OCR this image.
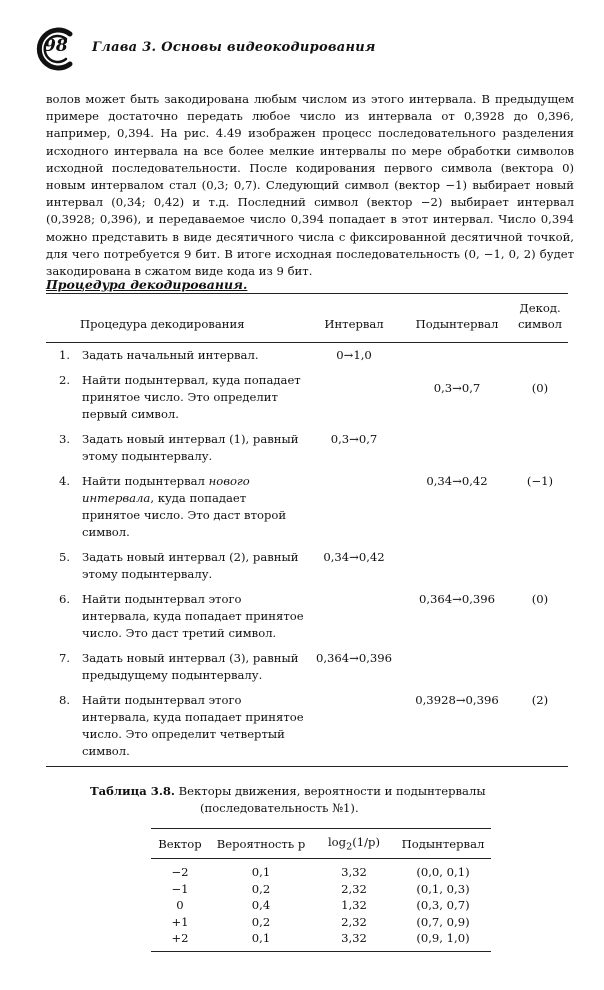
98 Глава 3. Основы видеокодирования
волов может быть закодирована любым числом из этого интервала. В предыдущем примере достаточно передать любое число из интервала от 0,3928 до 0,396, например, 0,394. На рис. 4.49 изображен процесс последовательного разделения исходного интервала на все более мелкие интервалы по мере обработки символов исходной последовательности. После кодирования первого символа (вектора 0) новым интервалом стал (0,3; 0,7). Следующий символ (вектор −1) выбирает новый интервал (0,34; 0,42) и т.д. Последний символ (вектор −2) выбирает интервал (0,3928; 0,396), и передаваемое число 0,394 попадает в этот интервал. Число 0,394 можно представить в виде десятичного числа с фиксированной десятичной точкой, для чего потребуется 9 бит. В итоге исходная последовательность (0, −1, 0, 2) будет закодирована в сжатом виде кода из 9 бит.
Процедура декодирования.
Процедура декодирования		Интервал	Подынтервал	Декод.
символ
1.	Задать начальный интервал.	0→1,0		
2.	Найти подынтервал, куда попадает принятое число. Это определит первый символ.		0,3→0,7	(0)
3.	Задать новый интервал (1), равный этому подынтервалу.	0,3→0,7		
4.	Найти подынтервал нового интервала, куда попадает принятое число. Это даст второй символ.		0,34→0,42	(−1)
5.	Задать новый интервал (2), равный этому подынтервалу.	0,34→0,42		
6.	Найти подынтервал этого интервала, куда попадает принятое число. Это даст третий символ.		0,364→0,396	(0)
7.	Задать новый интервал (3), равный предыдущему подынтервалу.	0,364→0,396		
8.	Найти подынтервал этого интервала, куда попадает принятое число. Это определит четвертый символ.		0,3928→0,396	(2)
Таблица 3.8. Векторы движения, вероятности и подынтервалы
(последовательность №1).
Вектор	Вероятность p	$\log_2(1/p)$	Подынтервал
−2	0,1	3,32	(0,0, 0,1)
−1	0,2	2,32	(0,1, 0,3)
0	0,4	1,32	(0,3, 0,7)
+1	0,2	2,32	(0,7, 0,9)
+2	0,1	3,32	(0,9, 1,0)
